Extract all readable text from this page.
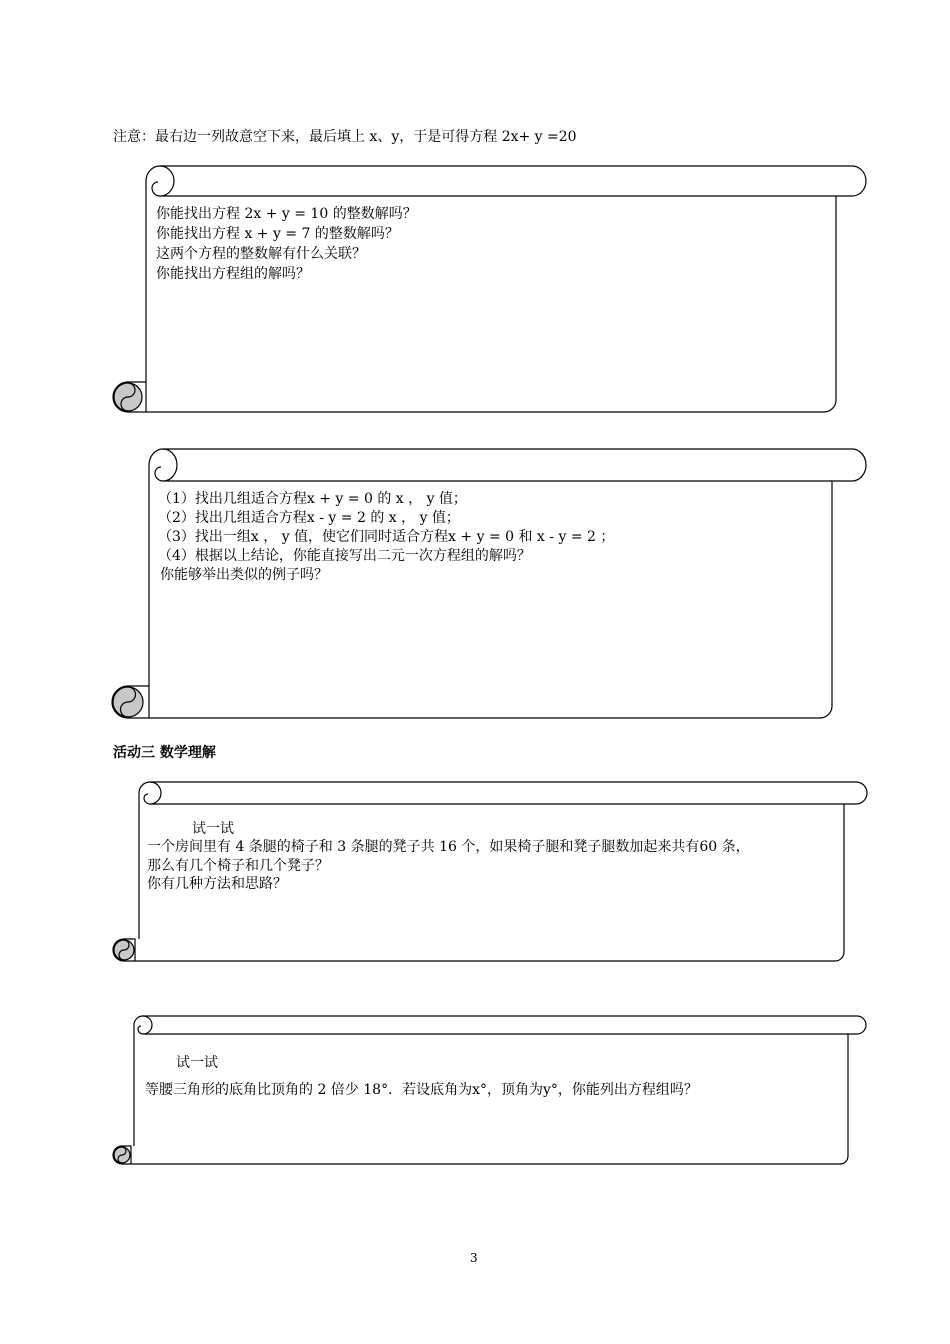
注意：最右边一列故意空下来，最后填上 x、y，于是可得方程 2x+ y =20
你能找出方程 2x + y = 10 的整数解吗？
你能找出方程 x + y = 7 的整数解吗？
这两个方程的整数解有什么关联？
你能找出方程组的解吗？
（1）找出几组适合方程x + y = 0 的 x ， y 值；
（2）找出几组适合方程x - y = 2 的 x ， y 值；
（3）找出一组x ， y 值，使它们同时适合方程x + y = 0 和 x - y = 2 ；
（4）根据以上结论，你能直接写出二元一次方程组的解吗？
你能够举出类似的例子吗？
活动三 数学理解
试一试
一个房间里有 4 条腿的椅子和 3 条腿的凳子共 16 个，如果椅子腿和凳子腿数加起来共有60 条，
那么有几个椅子和几个凳子？
你有几种方法和思路？
试一试
等腰三角形的底角比顶角的 2 倍少 18°．若设底角为x°，顶角为y°，你能列出方程组吗？
3
